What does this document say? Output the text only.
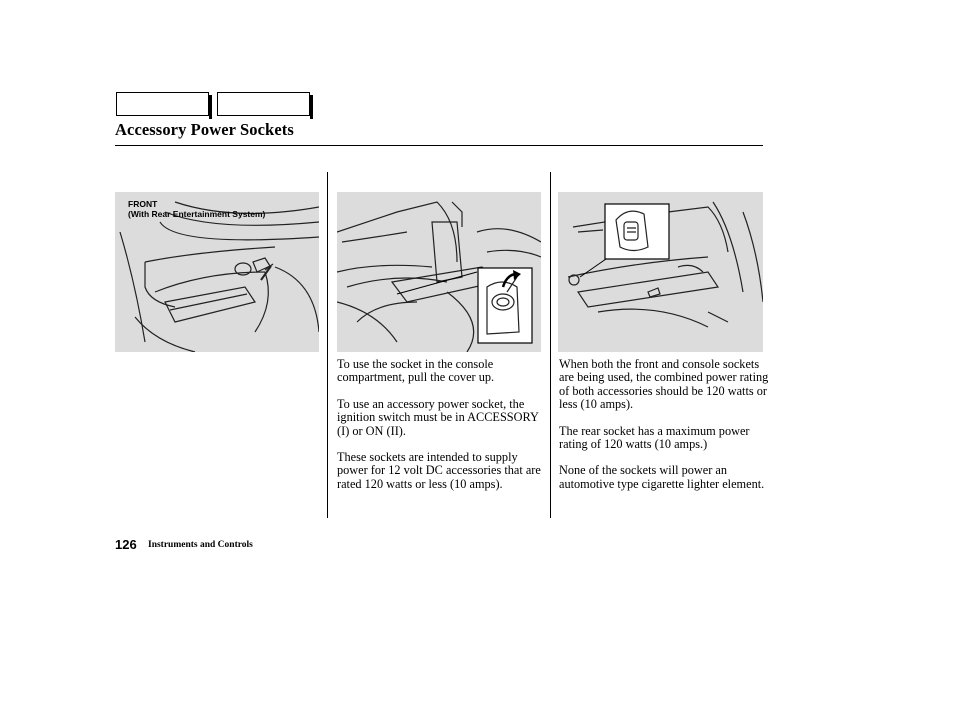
Accessory Power Sockets
FRONT
(With Rear Entertainment System)

To use the socket in the console compartment, pull the cover up.

To use an accessory power socket, the ignition switch must be in ACCESSORY (I) or ON (II).

These sockets are intended to supply power for 12 volt DC accessories that are rated 120 watts or less (10 amps).

When both the front and console sockets are being used, the combined power rating of both accessories should be 120 watts or less (10 amps).

The rear socket has a maximum power rating of 120 watts (10 amps.)

None of the sockets will power an automotive type cigarette lighter element.

126 Instruments and Controls
